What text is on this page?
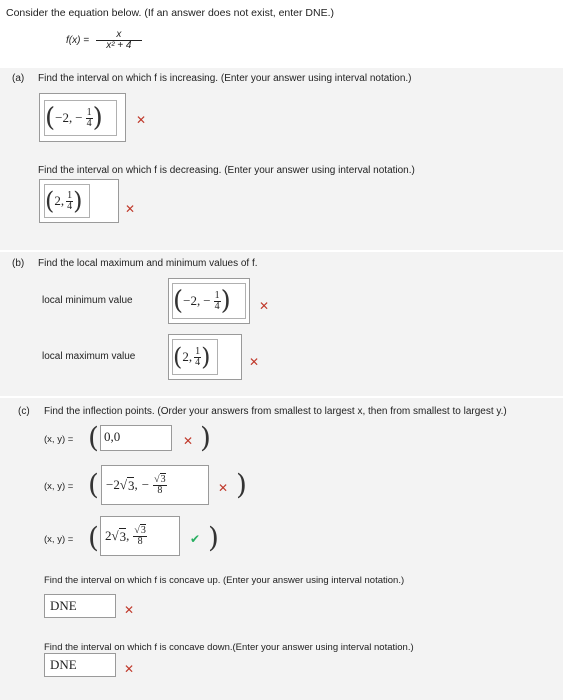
Consider the equation below. (If an answer does not exist, enter DNE.)
$f(x) = \frac{x}{\text{x² + 4}}$
(a) Find the interval on which f is increasing. (Enter your answer using interval notation.)
( −2, − $\frac{1}{4}$ )	✕
Find the interval on which f is decreasing. (Enter your answer using interval notation.)
( 2, $\frac{1}{4}$ )	✕
(b) Find the local maximum and minimum values of f.
local minimum value ( −2, − $\frac{1}{4}$ ) ✕
local maximum value ( 2, $\frac{1}{4}$ )	✕
(c) Find the inflection points. (Order your answers from smallest to largest x, then from smallest to largest y.)
(x, y) = ( 0,0	✕ )
(x, y) = ( −2 √ 3 , − $\frac{√3}{8}$	✕ )
(x, y) = ( 2 √ 3 , $\frac{√3}{8}$	✔ )
Find the interval on which f is concave up. (Enter your answer using interval notation.)
DNE	✕
Find the interval on which f is concave down.(Enter your answer using interval notation.)
DNE	✕
